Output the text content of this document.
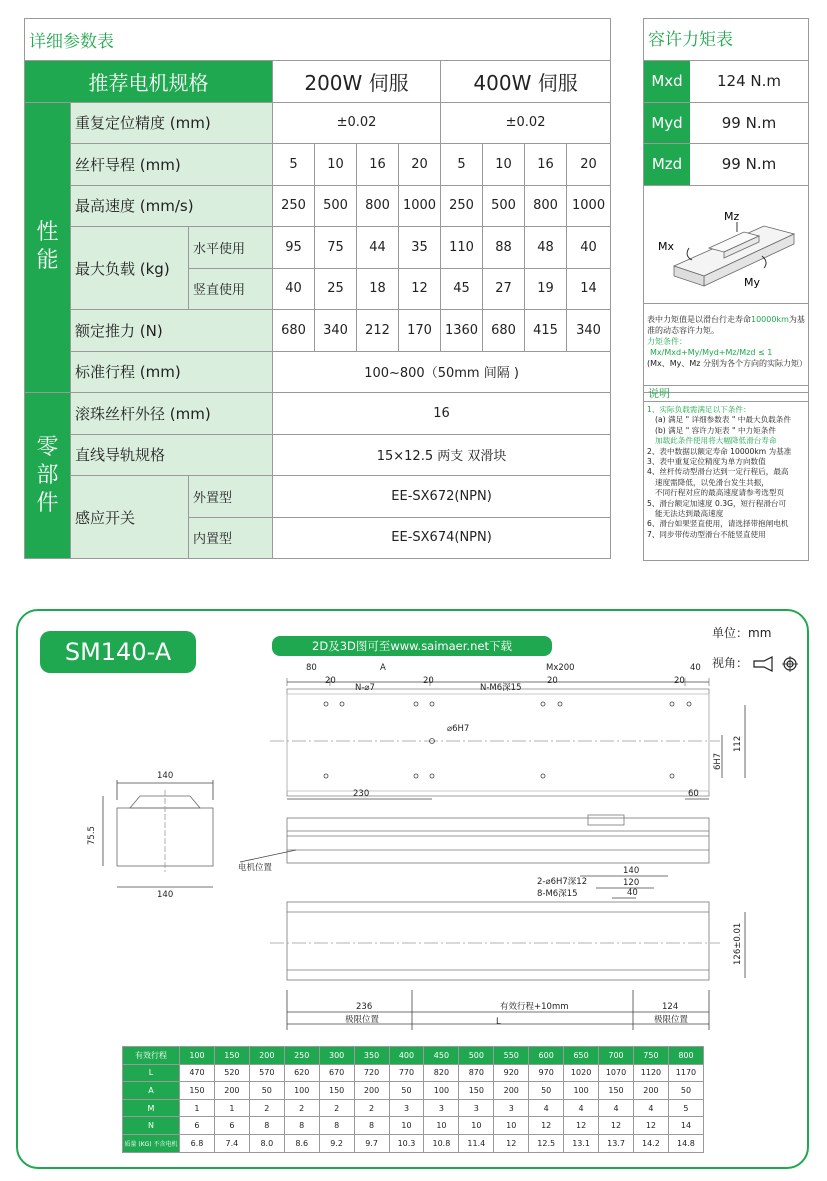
详细参数表										
推荐电机规格			200W 伺服				400W 伺服			
性能	重复定位精度 (mm)		±0.02				±0.02			
	丝杆导程 (mm)		5	10	16	20	5	10	16	20
	最高速度 (mm/s)		250	500	800	1000	250	500	800	1000
	最大负载 (kg)	水平使用	95	75	44	35	110	88	48	40
		竖直使用	40	25	18	12	45	27	19	14
	额定推力 (N)		680	340	212	170	1360	680	415	340
	标准行程 (mm)		100~800（50mm 间隔 )							
零部件	滚珠丝杆外径 (mm)		16							
	直线导轨规格		15×12.5 两支 双滑块							
	感应开关	外置型	EE-SX672(NPN)							
		内置型	EE-SX674(NPN)							
容许力矩表
Mxd	124 N.m
Myd	99 N.m
Mzd	99 N.m
Mz
Mx
My
表中力矩值是以滑台行走寿命10000km为基
准的动态容许力矩。
力矩条件：
Mx/Mxd+My/Myd+Mz/Mzd ≤ 1
(Mx、My、Mz 分别为各个方向的实际力矩）
说明
1、实际负载需满足以下条件：
(a) 满足 " 详细参数表 " 中最大负载条件
(b) 满足 " 容许力矩表 " 中力矩条件
加载此条件使用将大幅降低滑台寿命
2、表中数据以额定寿命 10000km 为基准
3、表中重复定位精度为单方向数值
4、丝杆传动型滑台达到一定行程后，最高
速度需降低，以免滑台发生共振，
不同行程对应的最高速度请参考选型页
5、滑台额定加速度 0.3G，短行程滑台可
能无法达到最高速度
6、滑台如果竖直使用，请选择带抱闸电机
7、同步带传动型滑台不能竖直使用
SM140-A	2D及3D图可至www.saimaer.net下载
单位：mm
视角：
80	A	Mx200	40
20	20	20	20
N-⌀7	N-M6深15
⌀6H7
230	60
112
6H7
140
140
75.5
电机位置	140
120
40
2-⌀6H7深12
8-M6深15
126±0.01
236	有效行程+10mm	124
极限位置	极限位置
L
有效行程	100	150	200	250	300	350	400	450	500	550	600	650	700	750	800
L	470	520	570	620	670	720	770	820	870	920	970	1020	1070	1120	1170
A	150	200	50	100	150	200	50	100	150	200	50	100	150	200	50
M	1	1	2	2	2	2	3	3	3	3	4	4	4	4	5
N	6	6	8	8	8	8	10	10	10	10	12	12	12	12	14
质量 (KG) 不含电机	6.8	7.4	8.0	8.6	9.2	9.7	10.3	10.8	11.4	12	12.5	13.1	13.7	14.2	14.8
